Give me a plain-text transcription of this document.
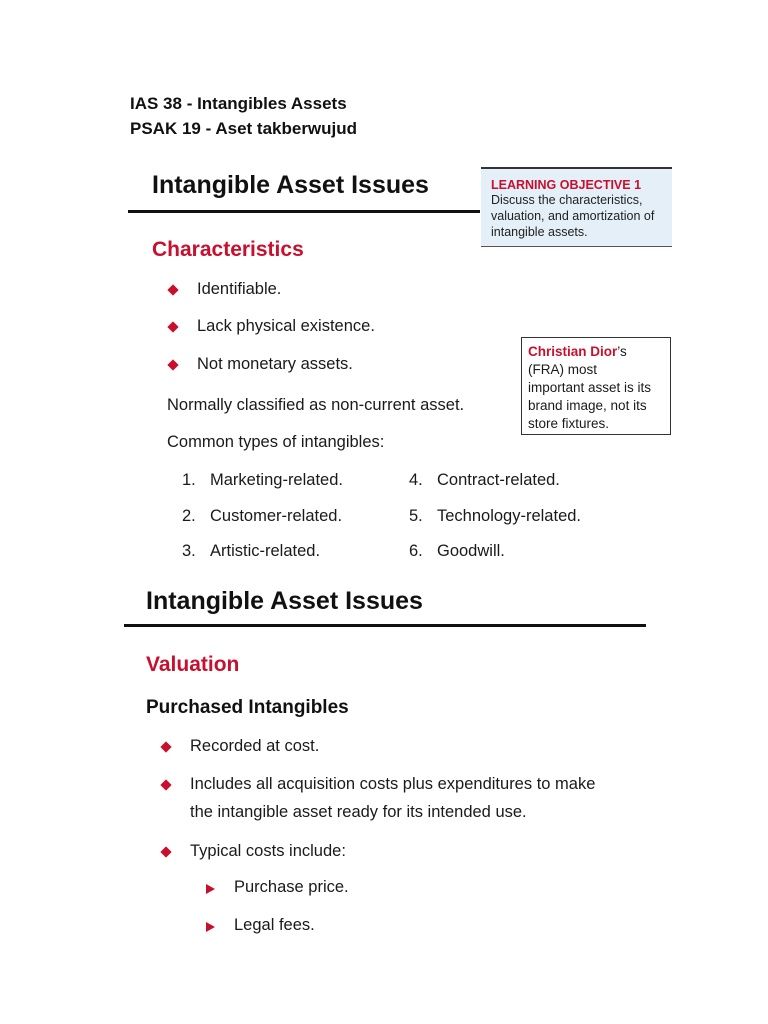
IAS 38 - Intangibles Assets
PSAK 19 - Aset takberwujud
Intangible Asset Issues	LEARNING OBJECTIVE 1
Discuss the characteristics,
valuation, and amortization of
intangible assets.
Characteristics
Identifiable.
Lack physical existence.
Not monetary assets.
Normally classified as non-current asset.
Common types of intangibles:
1. Marketing-related.
2. Customer-related.
3. Artistic-related.
4. Contract-related.
5. Technology-related.
6. Goodwill.
Christian Dior’s
(FRA) most
important asset is its
brand image, not its
store fixtures.
Intangible Asset Issues
Valuation
Purchased Intangibles
Recorded at cost.
Includes all acquisition costs plus expenditures to make
the intangible asset ready for its intended use.
Typical costs include:
Purchase price.
Legal fees.
